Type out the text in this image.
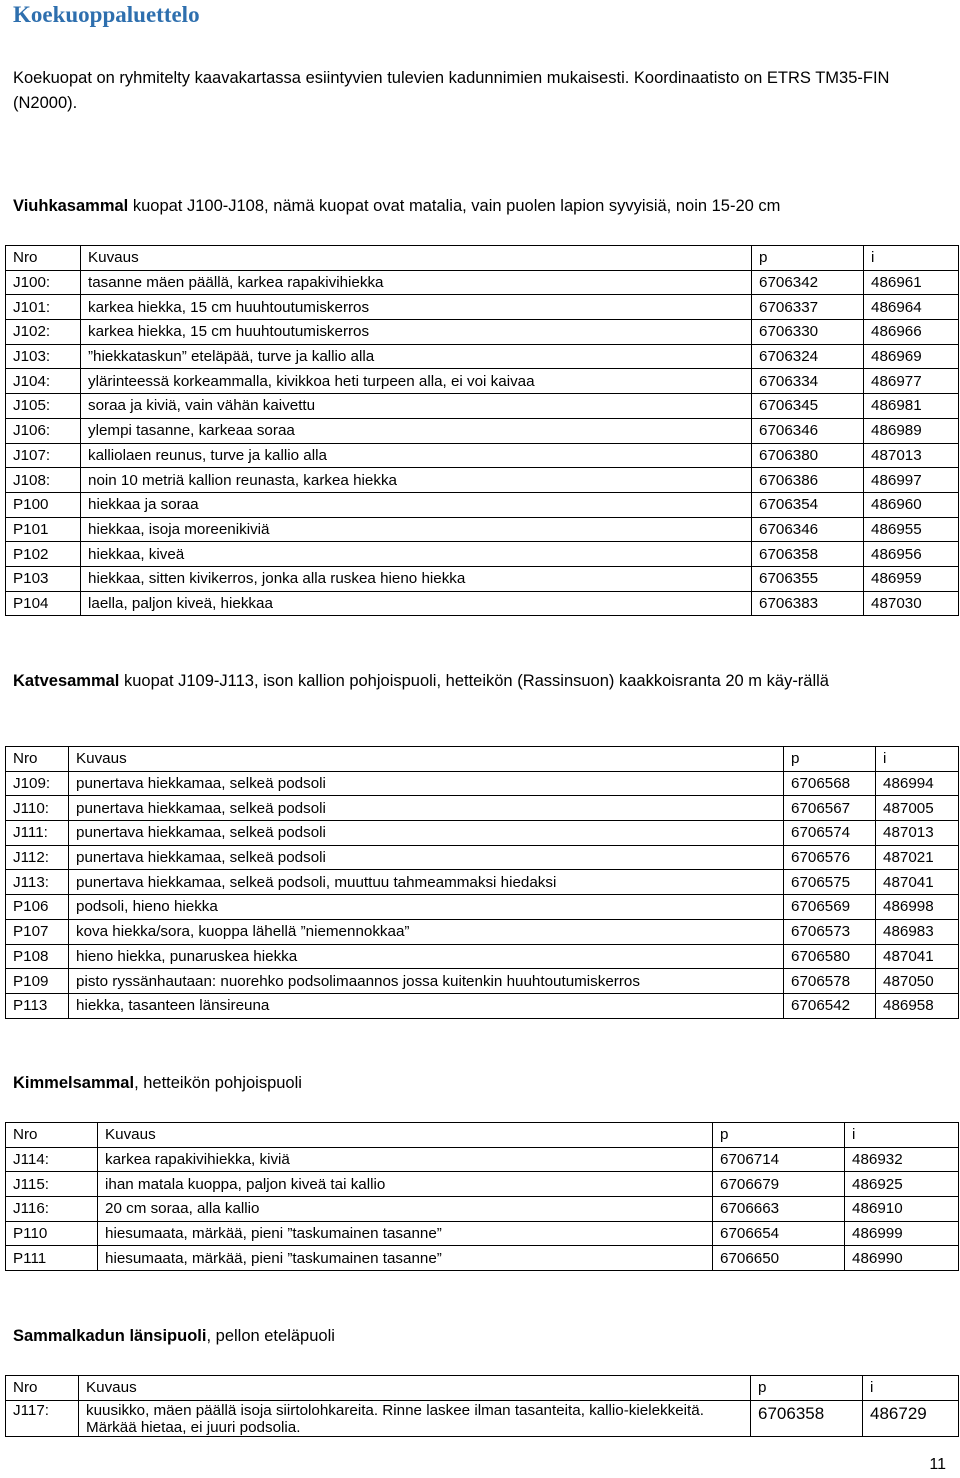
Koekuoppaluettelo
Koekuopat on ryhmitelty kaavakartassa esiintyvien tulevien kadunnimien mukaisesti. Koordinaatisto on ETRS TM35-FIN (N2000).
Viuhkasammal kuopat J100-J108, nämä kuopat ovat matalia, vain puolen lapion syvyisiä, noin 15-20 cm
Nro	Kuvaus	p	i
J100:	tasanne mäen päällä, karkea rapakivihiekka	6706342	486961
J101:	karkea hiekka, 15 cm huuhtoutumiskerros	6706337	486964
J102:	karkea hiekka, 15 cm huuhtoutumiskerros	6706330	486966
J103:	”hiekkataskun” eteläpää, turve ja kallio alla	6706324	486969
J104:	ylärinteessä korkeammalla, kivikkoa heti turpeen alla, ei voi kaivaa	6706334	486977
J105:	soraa ja kiviä, vain vähän kaivettu	6706345	486981
J106:	ylempi tasanne, karkeaa soraa	6706346	486989
J107:	kalliolaen reunus, turve ja kallio alla	6706380	487013
J108:	noin 10 metriä kallion reunasta, karkea hiekka	6706386	486997
P100	hiekkaa ja soraa	6706354	486960
P101	hiekkaa, isoja moreenikiviä	6706346	486955
P102	hiekkaa, kiveä	6706358	486956
P103	hiekkaa, sitten kivikerros, jonka alla ruskea hieno hiekka	6706355	486959
P104	laella, paljon kiveä, hiekkaa	6706383	487030
Katvesammal kuopat J109-J113, ison kallion pohjoispuoli, hetteikön (Rassinsuon) kaakkoisranta 20 m käy-rällä
Nro	Kuvaus	p	i
J109:	punertava hiekkamaa, selkeä podsoli	6706568	486994
J110:	punertava hiekkamaa, selkeä podsoli	6706567	487005
J111:	punertava hiekkamaa, selkeä podsoli	6706574	487013
J112:	punertava hiekkamaa, selkeä podsoli	6706576	487021
J113:	punertava hiekkamaa, selkeä podsoli, muuttuu tahmeammaksi hiedaksi	6706575	487041
P106	podsoli, hieno hiekka	6706569	486998
P107	kova hiekka/sora, kuoppa lähellä ”niemennokkaa”	6706573	486983
P108	hieno hiekka, punaruskea hiekka	6706580	487041
P109	pisto ryssänhautaan: nuorehko podsolimaannos jossa kuitenkin huuhtoutumiskerros	6706578	487050
P113	hiekka, tasanteen länsireuna	6706542	486958
Kimmelsammal, hetteikön pohjoispuoli
Nro	Kuvaus	p	i
J114:	karkea rapakivihiekka, kiviä	6706714	486932
J115:	ihan matala kuoppa, paljon kiveä tai kallio	6706679	486925
J116:	20 cm soraa, alla kallio	6706663	486910
P110	hiesumaata, märkää, pieni ”taskumainen tasanne”	6706654	486999
P111	hiesumaata, märkää, pieni ”taskumainen tasanne”	6706650	486990
Sammalkadun länsipuoli, pellon eteläpuoli
Nro	Kuvaus	p	i
J117:	kuusikko, mäen päällä isoja siirtolohkareita. Rinne laskee ilman tasanteita, kallio-kielekkeitä. Märkää hietaa, ei juuri podsolia.	6706358	486729
11
